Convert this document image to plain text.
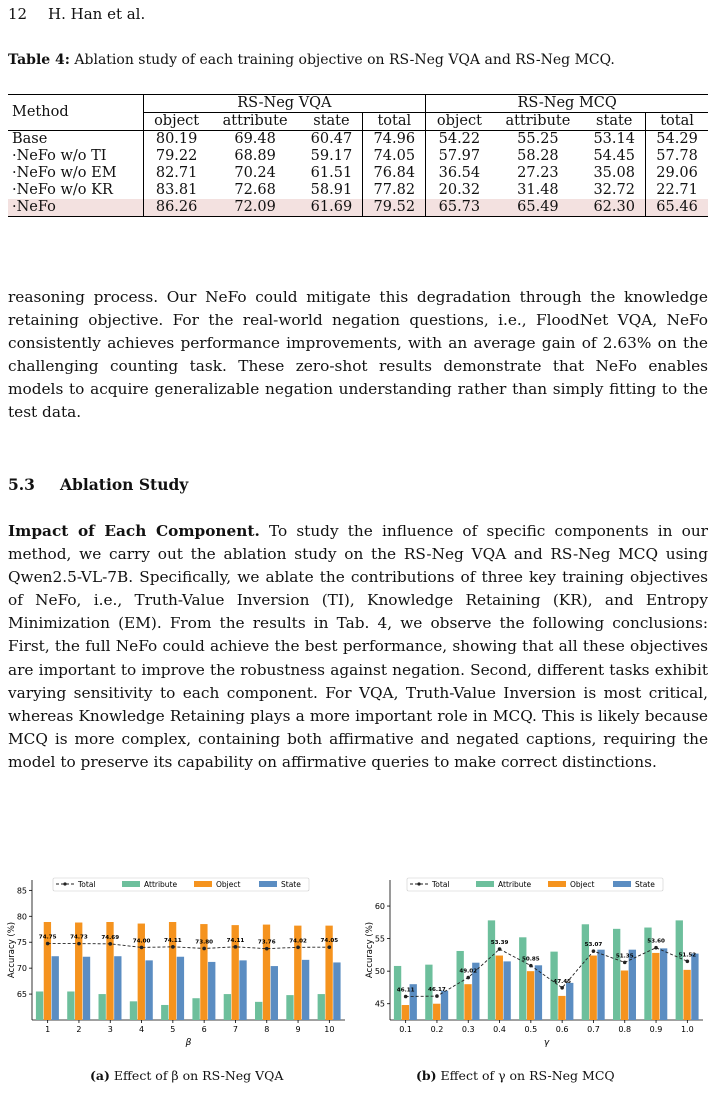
12 H. Han et al.
Table 4: Ablation study of each training objective on RS-Neg VQA and RS-Neg MCQ.
Method	RS-Neg VQA				RS-Neg MCQ			
	object	attribute	state	total	object	attribute	state	total
Base	80.19	69.48	60.47	74.96	54.22	55.25	53.14	54.29
·NeFo w/o TI	79.22	68.89	59.17	74.05	57.97	58.28	54.45	57.78
·NeFo w/o EM	82.71	70.24	61.51	76.84	36.54	27.23	35.08	29.06
·NeFo w/o KR	83.81	72.68	58.91	77.82	20.32	31.48	32.72	22.71
·NeFo	86.26	72.09	61.69	79.52	65.73	65.49	62.30	65.46
reasoning process. Our NeFo could mitigate this degradation through the knowledge retaining objective. For the real-world negation questions, i.e., FloodNet VQA, NeFo consistently achieves performance improvements, with an average gain of 2.63% on the challenging counting task. These zero-shot results demonstrate that NeFo enables models to acquire generalizable negation understanding rather than simply fitting to the test data.
5.3 Ablation Study
Impact of Each Component. To study the influence of specific components in our method, we carry out the ablation study on the RS-Neg VQA and RS-Neg MCQ using Qwen2.5-VL-7B. Specifically, we ablate the contributions of three key training objectives of NeFo, i.e., Truth-Value Inversion (TI), Knowledge Retaining (KR), and Entropy Minimization (EM). From the results in Tab. 4, we observe the following conclusions: First, the full NeFo could achieve the best performance, showing that all these objectives are important to improve the robustness against negation. Second, different tasks exhibit varying sensitivity to each component. For VQA, Truth-Value Inversion is most critical, whereas Knowledge Retaining plays a more important role in MCQ. This is likely because MCQ is more complex, containing both affirmative and negated captions, requiring the model to preserve its capability on affirmative queries to make correct distinctions.
65
70
75
80
85
Accuracy (%)
1	2	3	4	5	6	7	8	9	10
β
74.75 74.73 74.69
74.00 74.11 73.80 74.11 73.76 74.02 74.05
Total	Attribute	Object	State
45
50
55
60
Accuracy (%)
0.1 0.2 0.3 0.4 0.5 0.6 0.7 0.8 0.9 1.0
γ
46.11 46.17
49.02
53.39
50.85
47.45
53.07
51.35
53.60
51.52
Total	Attribute	Object	State
(a) Effect of β on RS-Neg VQA	(b) Effect of γ on RS-Neg MCQ
